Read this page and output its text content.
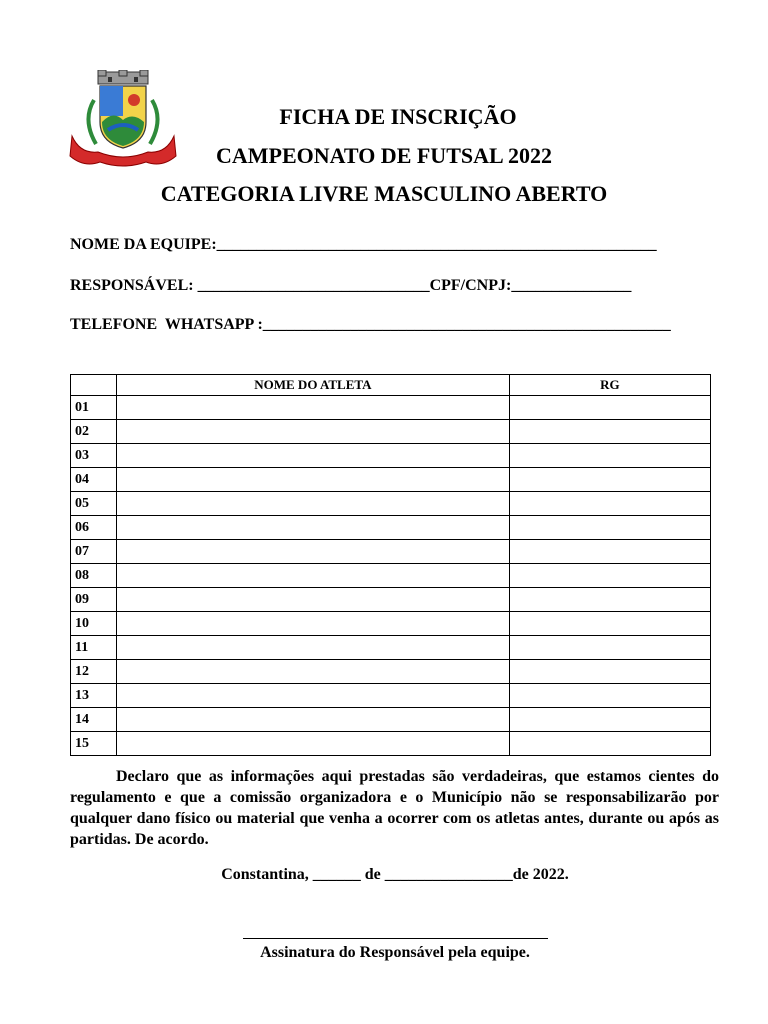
FICHA DE INSCRIÇÃO
CAMPEONATO DE FUTSAL 2022
CATEGORIA LIVRE MASCULINO ABERTO
NOME DA EQUIPE:_______________________________________________________
RESPONSÁVEL: _____________________________CPF/CNPJ:_______________
TELEFONE  WHATSAPP :___________________________________________________
	NOME DO ATLETA	RG
01		
02		
03		
04		
05		
06		
07		
08		
09		
10		
11		
12		
13		
14		
15		
Declaro que as informações aqui prestadas são verdadeiras, que estamos cientes do regulamento e que a comissão organizadora e o Município não se responsabilizarão por qualquer dano físico ou material que venha a ocorrer com os atletas antes, durante ou após as partidas. De acordo.
Constantina, ______ de ________________de 2022.
Assinatura do Responsável pela equipe.
